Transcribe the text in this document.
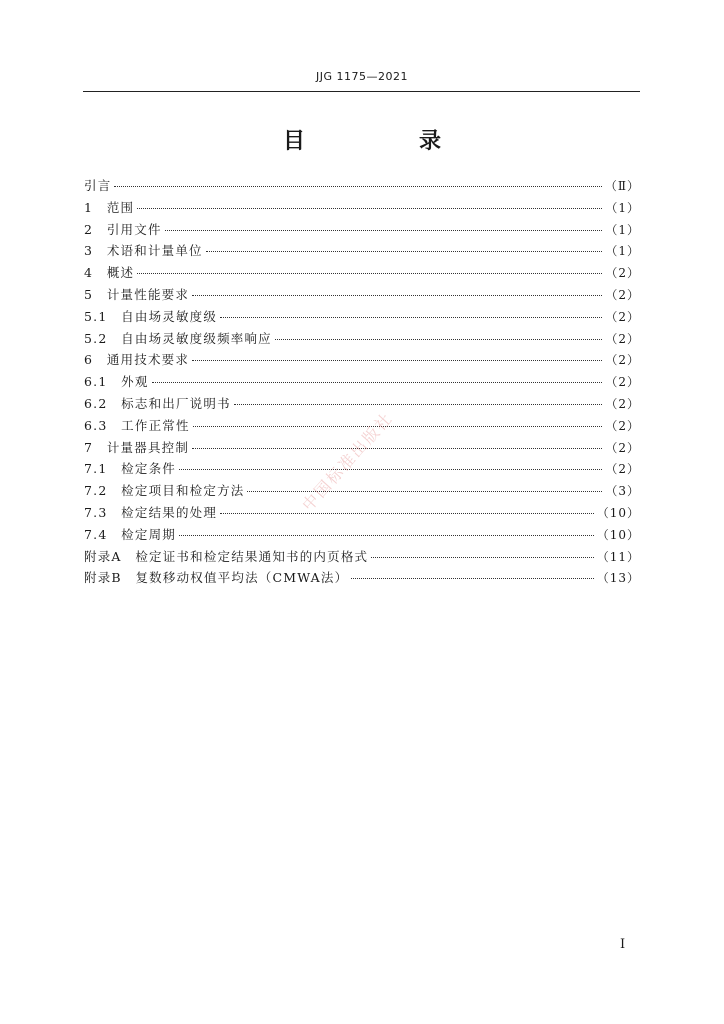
JJG 1175—2021
目　录
引言	（Ⅱ）
1　范围	（1）
2　引用文件	（1）
3　术语和计量单位	（1）
4　概述	（2）
5　计量性能要求	（2）
5.1　自由场灵敏度级	（2）
5.2　自由场灵敏度级频率响应	（2）
6　通用技术要求	（2）
6.1　外观	（2）
6.2　标志和出厂说明书	（2）
6.3　工作正常性	（2）
7　计量器具控制	（2）
7.1　检定条件	（2）
7.2　检定项目和检定方法	（3）
7.3　检定结果的处理	（10）
7.4　检定周期	（10）
附录A　检定证书和检定结果通知书的内页格式	（11）
附录B　复数移动权值平均法（CMWA法）	（13）
中国标准出版社
Ⅰ
